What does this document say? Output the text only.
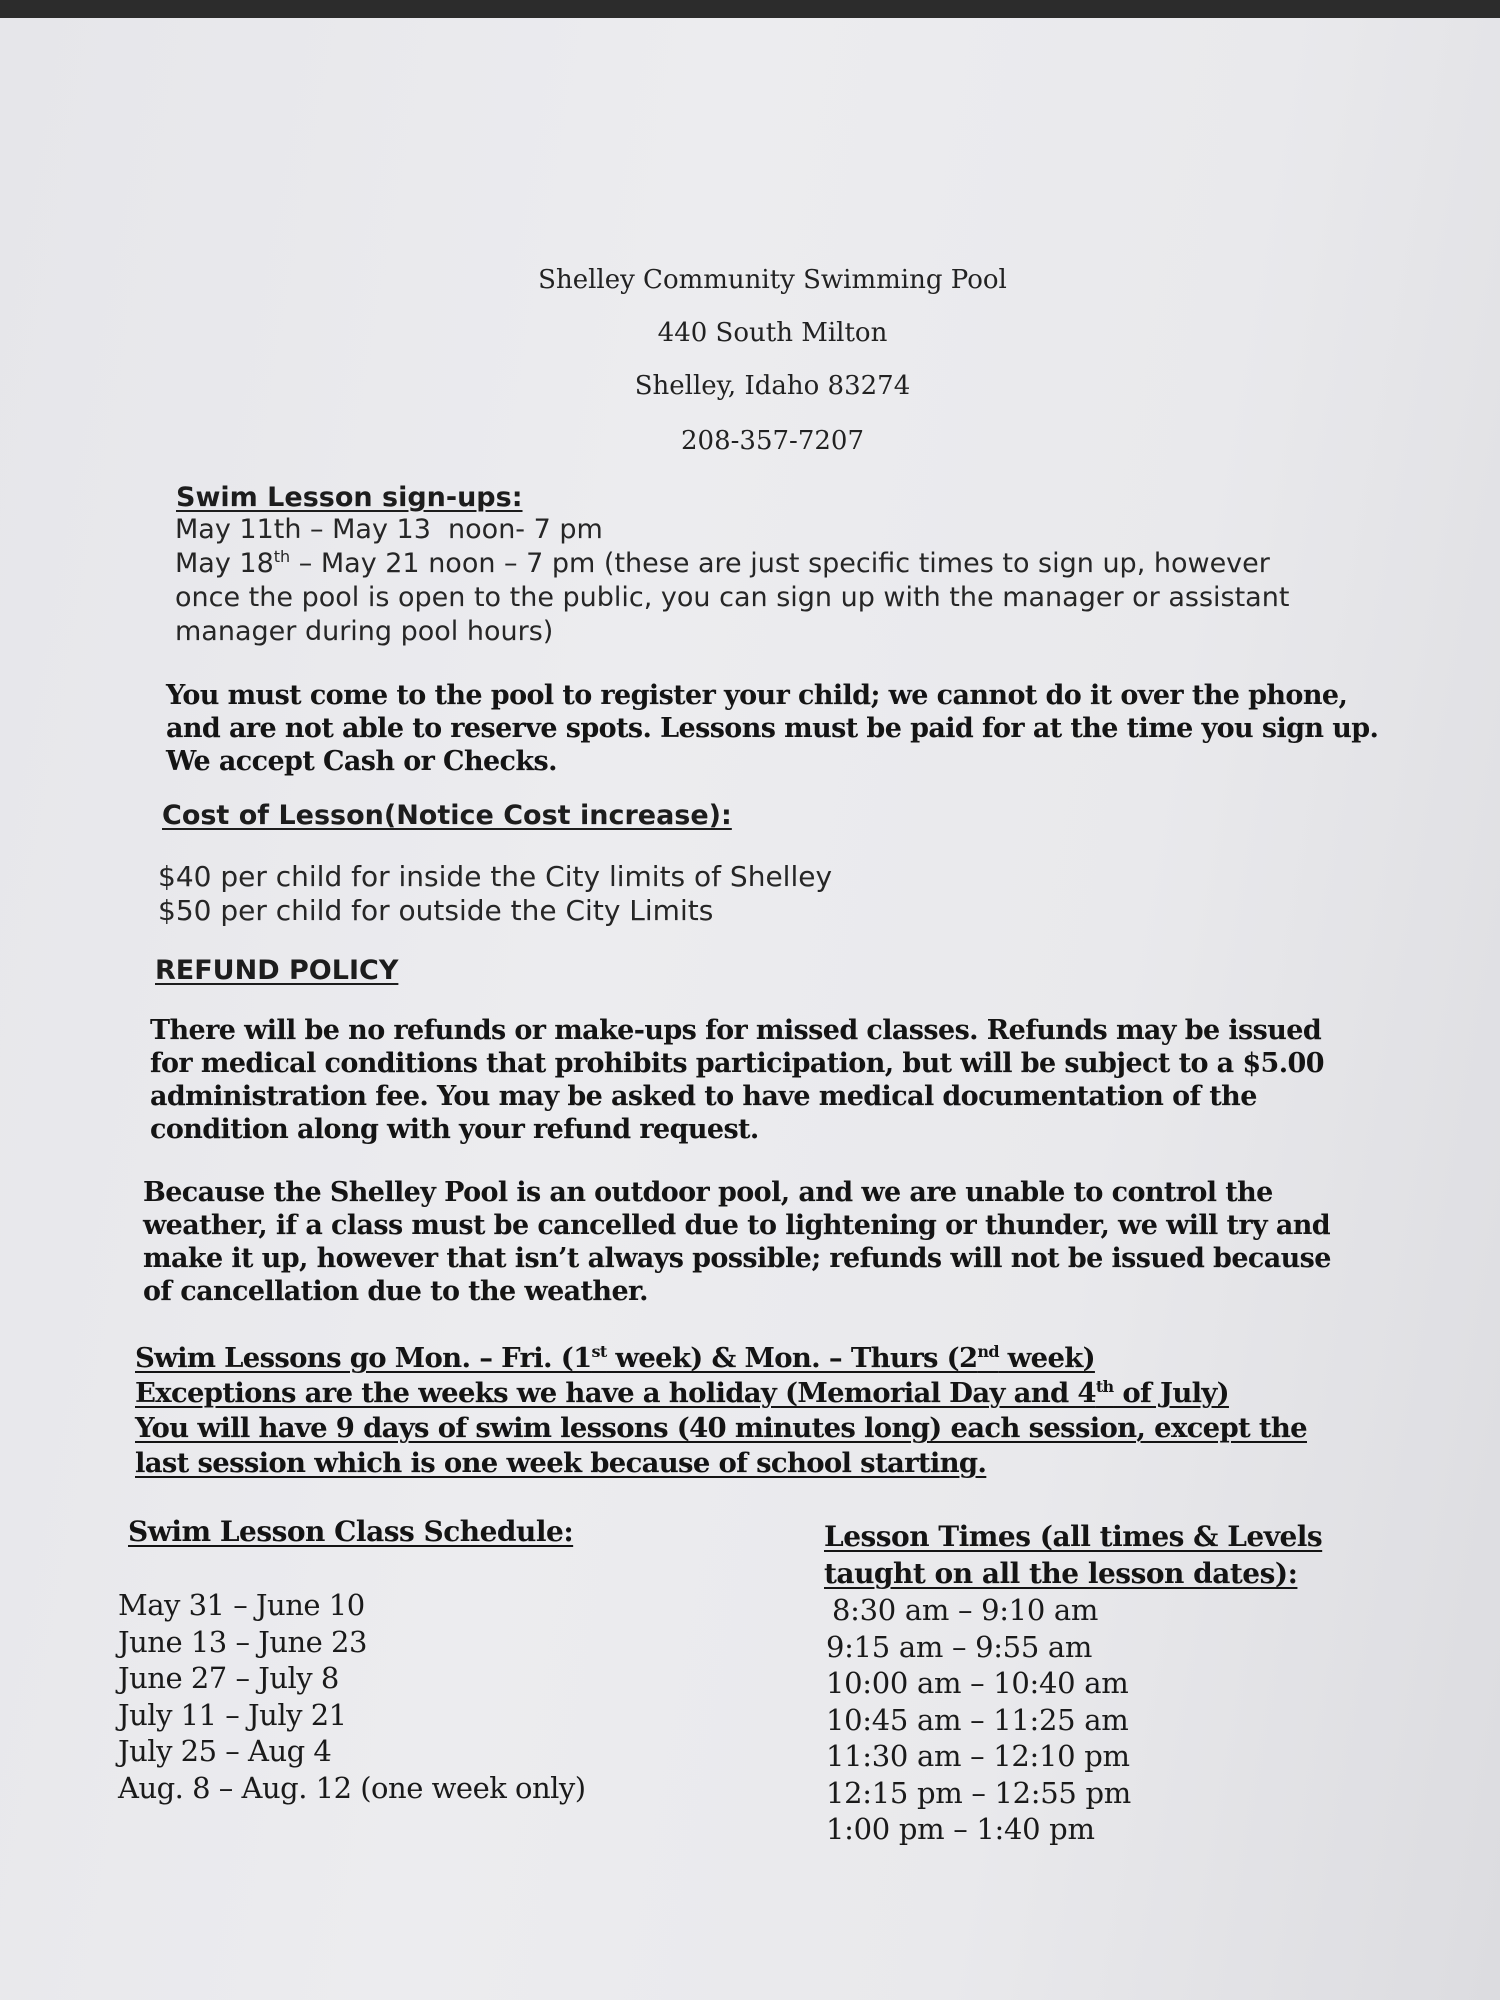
Shelley Community Swimming Pool
440 South Milton
Shelley, Idaho 83274
208-357-7207
Swim Lesson sign-ups:
May 11th – May 13  noon- 7 pm
May 18th – May 21 noon – 7 pm (these are just specific times to sign up, however
once the pool is open to the public, you can sign up with the manager or assistant
manager during pool hours)
You must come to the pool to register your child; we cannot do it over the phone,
and are not able to reserve spots. Lessons must be paid for at the time you sign up.
We accept Cash or Checks.
Cost of Lesson(Notice Cost increase):
$40 per child for inside the City limits of Shelley
$50 per child for outside the City Limits
REFUND POLICY
There will be no refunds or make-ups for missed classes. Refunds may be issued
for medical conditions that prohibits participation, but will be subject to a $5.00
administration fee. You may be asked to have medical documentation of the
condition along with your refund request.
Because the Shelley Pool is an outdoor pool, and we are unable to control the
weather, if a class must be cancelled due to lightening or thunder, we will try and
make it up, however that isn’t always possible; refunds will not be issued because
of cancellation due to the weather.
Swim Lessons go Mon. – Fri. (1st week) & Mon. – Thurs (2nd week)
Exceptions are the weeks we have a holiday (Memorial Day and 4th of July)
You will have 9 days of swim lessons (40 minutes long) each session, except the
last session which is one week because of school starting.
Swim Lesson Class Schedule:
May 31 – June 10
June 13 – June 23
June 27 – July 8
July 11 – July 21
July 25 – Aug 4
Aug. 8 – Aug. 12 (one week only)
Lesson Times (all times & Levels
taught on all the lesson dates):
8:30 am – 9:10 am
9:15 am – 9:55 am
10:00 am – 10:40 am
10:45 am – 11:25 am
11:30 am – 12:10 pm
12:15 pm – 12:55 pm
1:00 pm – 1:40 pm
